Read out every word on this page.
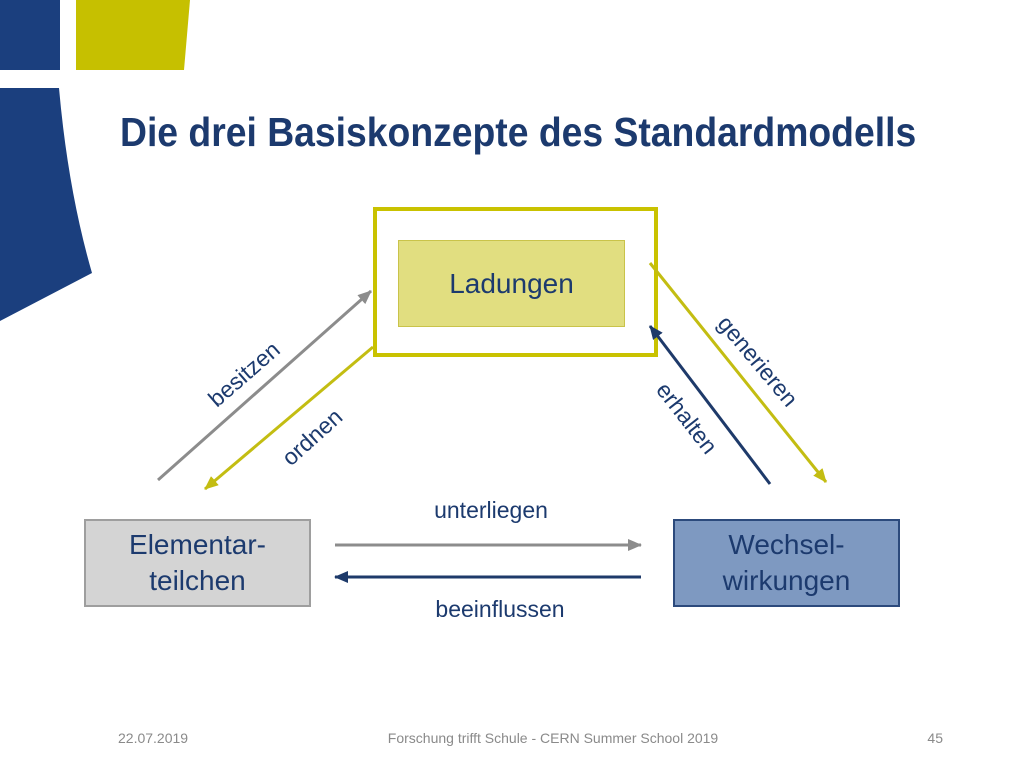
Die drei Basiskonzepte des Standardmodells
Ladungen
Elementar-
teilchen
Wechsel-
wirkungen
besitzen
ordnen
generieren
erhalten
unterliegen
beeinflussen
22.07.2019	Forschung trifft Schule - CERN Summer School 2019	45
